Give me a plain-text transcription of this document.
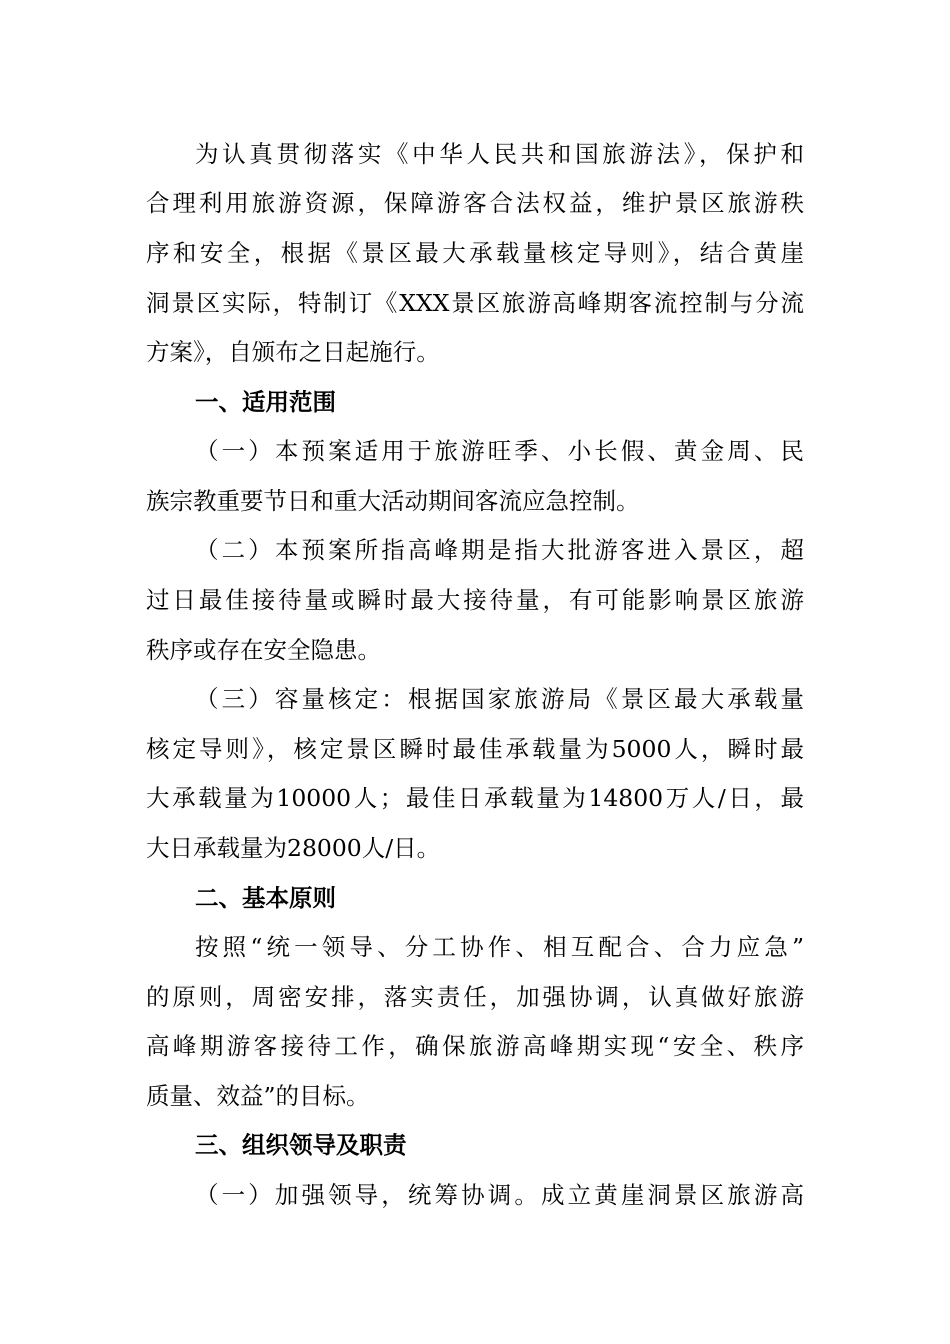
为认真贯彻落实《中华人民共和国旅游法》，保护和
合理利用旅游资源，保障游客合法权益，维护景区旅游秩
序和安全，根据《景区最大承载量核定导则》，结合黄崖
洞景区实际，特制订《XXX景区旅游高峰期客流控制与分流
方案》，自颁布之日起施行。
一、适用范围
（一）本预案适用于旅游旺季、小长假、黄金周、民
族宗教重要节日和重大活动期间客流应急控制。
（二）本预案所指高峰期是指大批游客进入景区，超
过日最佳接待量或瞬时最大接待量，有可能影响景区旅游
秩序或存在安全隐患。
（三）容量核定：根据国家旅游局《景区最大承载量
核定导则》，核定景区瞬时最佳承载量为5000人，瞬时最
大承载量为10000人；最佳日承载量为14800万人/日，最
大日承载量为28000人/日。
二、基本原则
按照“统一领导、分工协作、相互配合、合力应急”
的原则，周密安排，落实责任，加强协调，认真做好旅游
高峰期游客接待工作，确保旅游高峰期实现“安全、秩序
质量、效益”的目标。
三、组织领导及职责
（一）加强领导，统筹协调。成立黄崖洞景区旅游高
